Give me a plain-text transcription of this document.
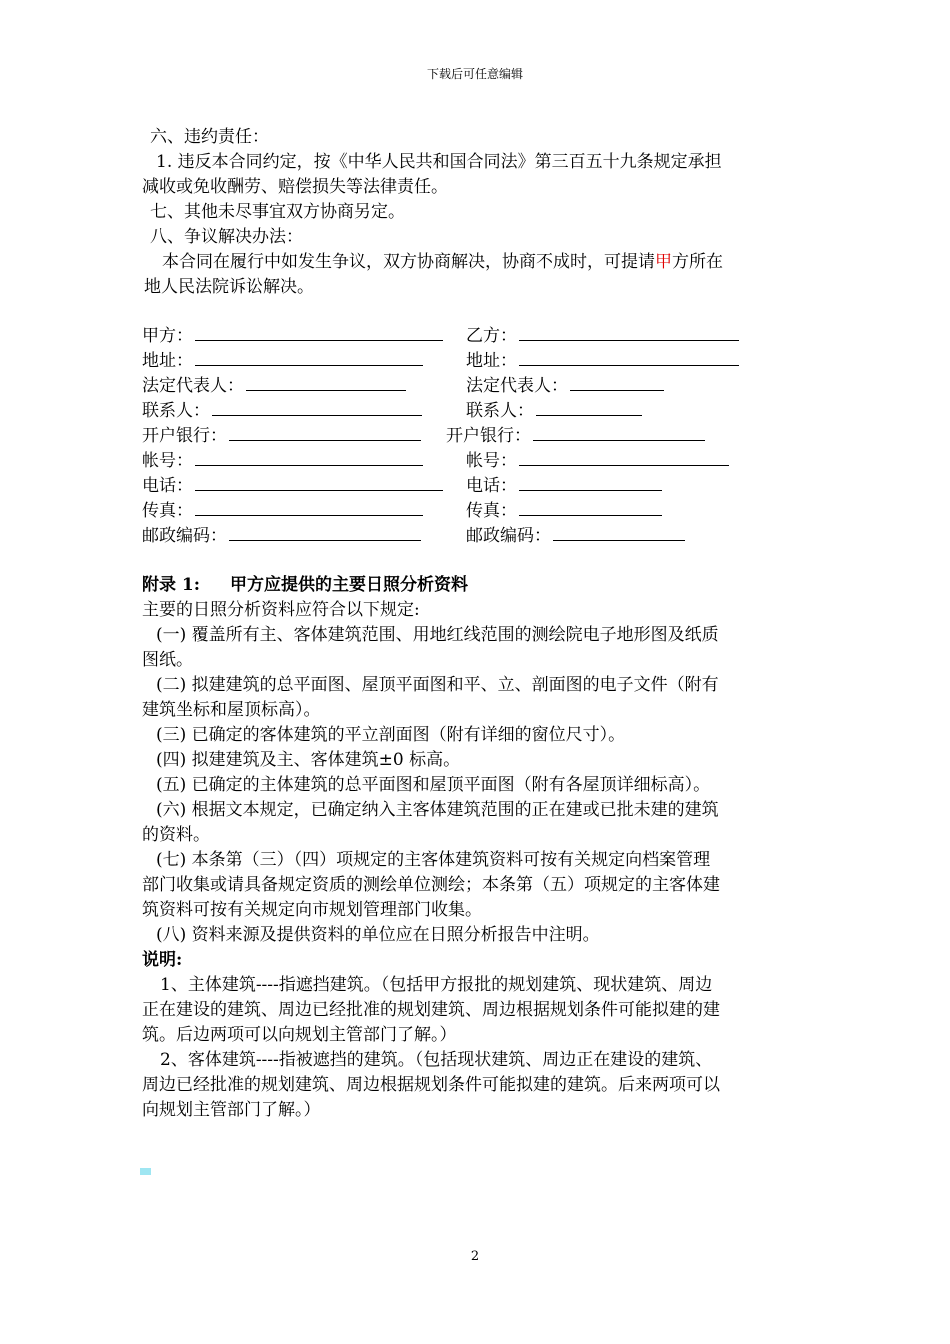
下载后可任意编辑
六、违约责任：
1. 违反本合同约定，按《中华人民共和国合同法》第三百五十九条规定承担
减收或免收酬劳、赔偿损失等法律责任。
七、其他未尽事宜双方协商另定。
八、争议解决办法：
本合同在履行中如发生争议，双方协商解决，协商不成时，可提请甲方所在
地人民法院诉讼解决。
甲方：
地址：
法定代表人：
联系人：
开户银行：
帐号：
电话：
传真：
邮政编码：
乙方：
地址：
法定代表人：
联系人：
开户银行：
帐号：
电话：
传真：
邮政编码：
附录 1: 甲方应提供的主要日照分析资料
主要的日照分析资料应符合以下规定:
(一) 覆盖所有主、客体建筑范围、用地红线范围的测绘院电子地形图及纸质
图纸。
(二) 拟建建筑的总平面图、屋顶平面图和平、立、剖面图的电子文件（附有
建筑坐标和屋顶标高）。
(三) 已确定的客体建筑的平立剖面图（附有详细的窗位尺寸）。
(四) 拟建建筑及主、客体建筑±0 标高。
(五) 已确定的主体建筑的总平面图和屋顶平面图（附有各屋顶详细标高）。
(六) 根据文本规定，已确定纳入主客体建筑范围的正在建或已批未建的建筑
的资料。
(七) 本条第（三）（四）项规定的主客体建筑资料可按有关规定向档案管理
部门收集或请具备规定资质的测绘单位测绘；本条第（五）项规定的主客体建
筑资料可按有关规定向市规划管理部门收集。
(八) 资料来源及提供资料的单位应在日照分析报告中注明。
说明:
1、主体建筑----指遮挡建筑。（包括甲方报批的规划建筑、现状建筑、周边
正在建设的建筑、周边已经批准的规划建筑、周边根据规划条件可能拟建的建
筑。后边两项可以向规划主管部门了解。）
2、客体建筑----指被遮挡的建筑。（包括现状建筑、周边正在建设的建筑、
周边已经批准的规划建筑、周边根据规划条件可能拟建的建筑。后来两项可以
向规划主管部门了解。）
2
